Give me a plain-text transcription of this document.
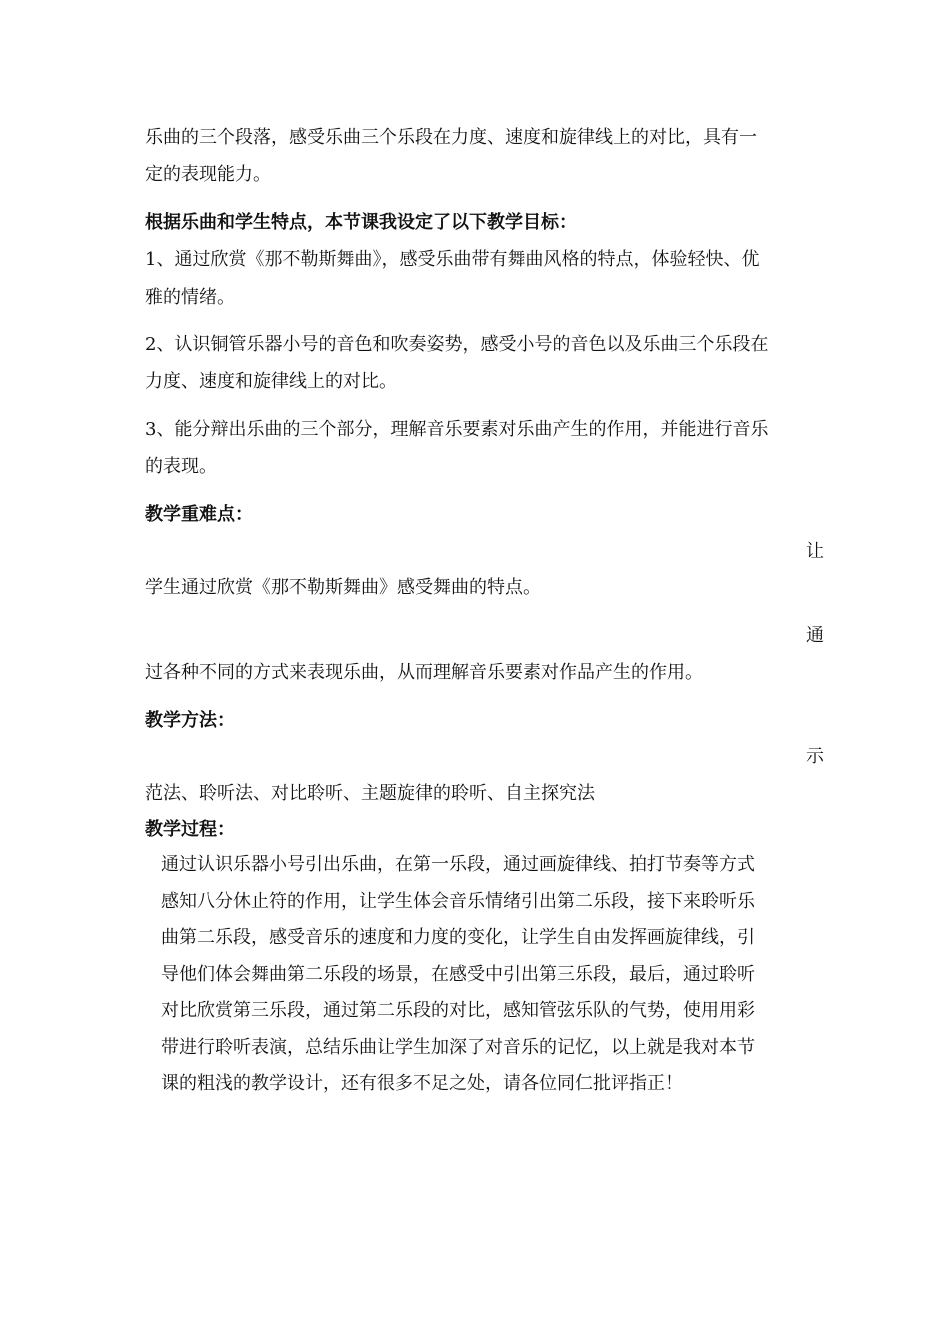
乐曲的三个段落，感受乐曲三个乐段在力度、速度和旋律线上的对比，具有一
定的表现能力。
根据乐曲和学生特点，本节课我设定了以下教学目标：
1、通过欣赏《那不勒斯舞曲》，感受乐曲带有舞曲风格的特点，体验轻快、优
雅的情绪。
2、认识铜管乐器小号的音色和吹奏姿势，感受小号的音色以及乐曲三个乐段在
力度、速度和旋律线上的对比。
3、能分辩出乐曲的三个部分，理解音乐要素对乐曲产生的作用，并能进行音乐
的表现。
教学重难点：
让
学生通过欣赏《那不勒斯舞曲》感受舞曲的特点。
通
过各种不同的方式来表现乐曲，从而理解音乐要素对作品产生的作用。
教学方法：
示
范法、聆听法、对比聆听、主题旋律的聆听、自主探究法
教学过程：
通过认识乐器小号引出乐曲，在第一乐段，通过画旋律线、拍打节奏等方式
感知八分休止符的作用，让学生体会音乐情绪引出第二乐段，接下来聆听乐
曲第二乐段，感受音乐的速度和力度的变化，让学生自由发挥画旋律线，引
导他们体会舞曲第二乐段的场景，在感受中引出第三乐段，最后，通过聆听
对比欣赏第三乐段，通过第二乐段的对比，感知管弦乐队的气势，使用用彩
带进行聆听表演，总结乐曲让学生加深了对音乐的记忆，以上就是我对本节
课的粗浅的教学设计，还有很多不足之处，请各位同仁批评指正！
